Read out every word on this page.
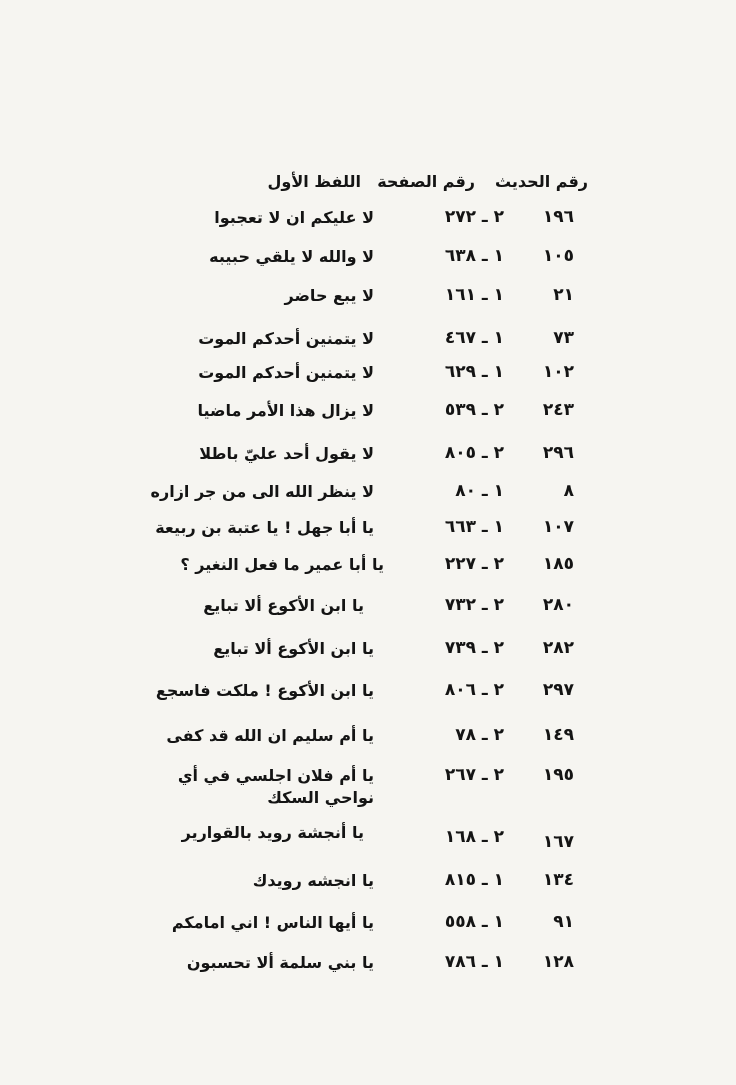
رقم الحديث
رقم الصفحة
اللفظ الأول
١٩٦
٢ ـ ٢٧٢
لا عليكم ان لا تعجبوا
١٠٥
١ ـ ٦٣٨
لا والله لا يلقي حبيبه
٢١
١ ـ ١٦١
لا يبع حاضر
٧٣
١ ـ ٤٦٧
لا يتمنين أحدكم الموت
١٠٢
١ ـ ٦٢٩
لا يتمنين أحدكم الموت
٢٤٣
٢ ـ ٥٣٩
لا يزال هذا الأمر ماضيا
٢٩٦
٢ ـ ٨٠٥
لا يقول أحد عليّ باطلا
٨
١ ـ ٨٠
لا ينظر الله الى من جر ازاره
١٠٧
١ ـ ٦٦٣
يا أبا جهل ! يا عتبة بن ربيعة
١٨٥
٢ ـ ٢٢٧
يا أبا عمير ما فعل النغير ؟
٢٨٠
٢ ـ ٧٣٢
يا ابن الأكوع ألا تبايع
٢٨٢
٢ ـ ٧٣٩
يا ابن الأكوع ألا تبايع
٢٩٧
٢ ـ ٨٠٦
يا ابن الأكوع ! ملكت فاسجع
١٤٩
٢ ـ ٧٨
يا أم سليم ان الله قد كفى
١٩٥
٢ ـ ٢٦٧
يا أم فلان اجلسي في أي نواحي السكك
١٦٧
٢ ـ ١٦٨
يا أنجشة رويد بالقوارير
١٣٤
١ ـ ٨١٥
يا انجشه رويدك
٩١
١ ـ ٥٥٨
يا أيها الناس ! اني امامكم
١٢٨
١ ـ ٧٨٦
يا بني سلمة ألا تحسبون
